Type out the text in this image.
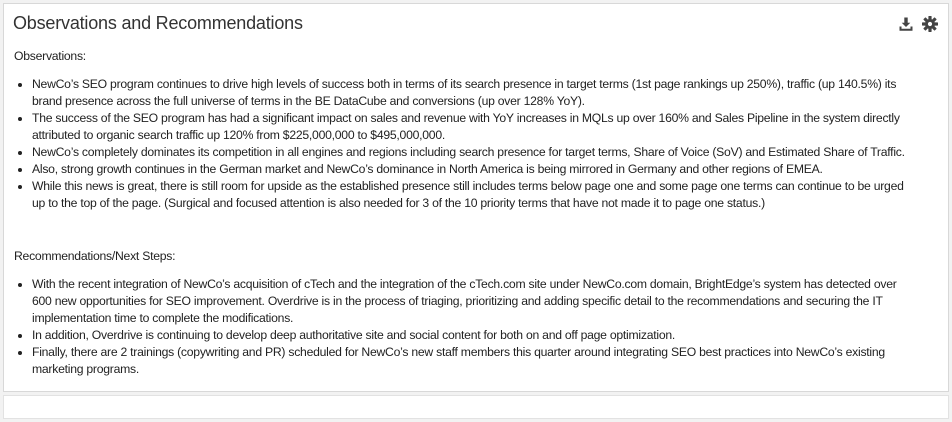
Observations and Recommendations
Observations:
• NewCo’s SEO program continues to drive high levels of success both in terms of its search presence in target terms (1st page rankings up 250%), traffic (up 140.5%) its brand presence across the full universe of terms in the BE DataCube and conversions (up over 128% YoY).
• The success of the SEO program has had a significant impact on sales and revenue with YoY increases in MQLs up over 160% and Sales Pipeline in the system directly attributed to organic search traffic up 120% from $225,000,000 to $495,000,000.
• NewCo’s completely dominates its competition in all engines and regions including search presence for target terms, Share of Voice (SoV) and Estimated Share of Traffic.
• Also, strong growth continues in the German market and NewCo’s dominance in North America is being mirrored in Germany and other regions of EMEA.
• While this news is great, there is still room for upside as the established presence still includes terms below page one and some page one terms can continue to be urged up to the top of the page. (Surgical and focused attention is also needed for 3 of the 10 priority terms that have not made it to page one status.)
Recommendations/Next Steps:
• With the recent integration of NewCo’s acquisition of cTech and the integration of the cTech.com site under NewCo.com domain, BrightEdge’s system has detected over 600 new opportunities for SEO improvement. Overdrive is in the process of triaging, prioritizing and adding specific detail to the recommendations and securing the IT implementation time to complete the modifications.
• In addition, Overdrive is continuing to develop deep authoritative site and social content for both on and off page optimization.
• Finally, there are 2 trainings (copywriting and PR) scheduled for NewCo’s new staff members this quarter around integrating SEO best practices into NewCo’s existing marketing programs.
